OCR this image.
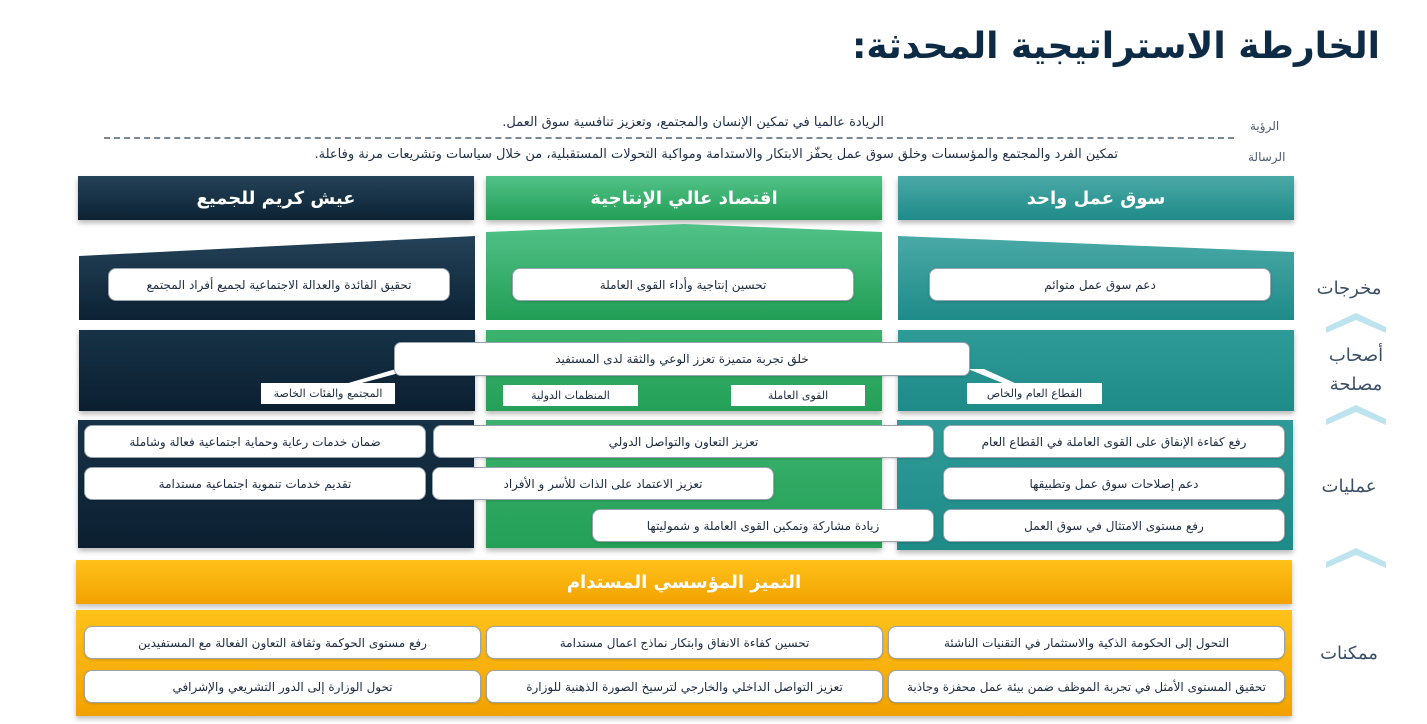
الخارطة الاستراتيجية المحدثة:
الرؤية
الريادة عالميا في تمكين الإنسان والمجتمع، وتعزيز تنافسية سوق العمل.
الرسالة
تمكين الفرد والمجتمع والمؤسسات وخلق سوق عمل يحفّز الابتكار والاستدامة ومواكبة التحولات المستقبلية، من خلال سياسات وتشريعات مرنة وفاعلة.
عيش كريم للجميع	اقتصاد عالي الإنتاجية	سوق عمل واحد
تحقيق الفائدة والعدالة الاجتماعية لجميع أفراد المجتمع	تحسين إنتاجية وأداء القوى العاملة	دعم سوق عمل متوائم
خلق تجربة متميزة تعزز الوعي والثقة لدى المستفيد
المجتمع والفئات الخاصة	المنظمات الدولية	القوى العاملة	القطاع العام والخاص
ضمان خدمات رعاية وحماية اجتماعية فعالة وشاملة
تقديم خدمات تنموية اجتماعية مستدامة
تعزيز التعاون والتواصل الدولي
تعزيز الاعتماد على الذات للأسر و الأفراد
زيادة مشاركة وتمكين القوى العاملة و شموليتها
رفع كفاءة الإنفاق على القوى العاملة في القطاع العام
دعم إصلاحات سوق عمل وتطبيقها
رفع مستوى الامتثال في سوق العمل
التميز المؤسسي المستدام
التحول إلى الحكومة الذكية والاستثمار في التقنيات الناشئة
تحسين كفاءة الانفاق وابتكار نماذج اعمال مستدامة
رفع مستوى الحوكمة وثقافة التعاون الفعالة مع المستفيدين
تحقيق المستوى الأمثل في تجربة الموظف ضمن بيئة عمل محفزة وجاذبة
تعزيز التواصل الداخلي والخارجي لترسيخ الصورة الذهنية للوزارة
تحول الوزارة إلى الدور التشريعي والإشرافي
مخرجات
أصحاب مصلحة
عمليات
ممكنات
